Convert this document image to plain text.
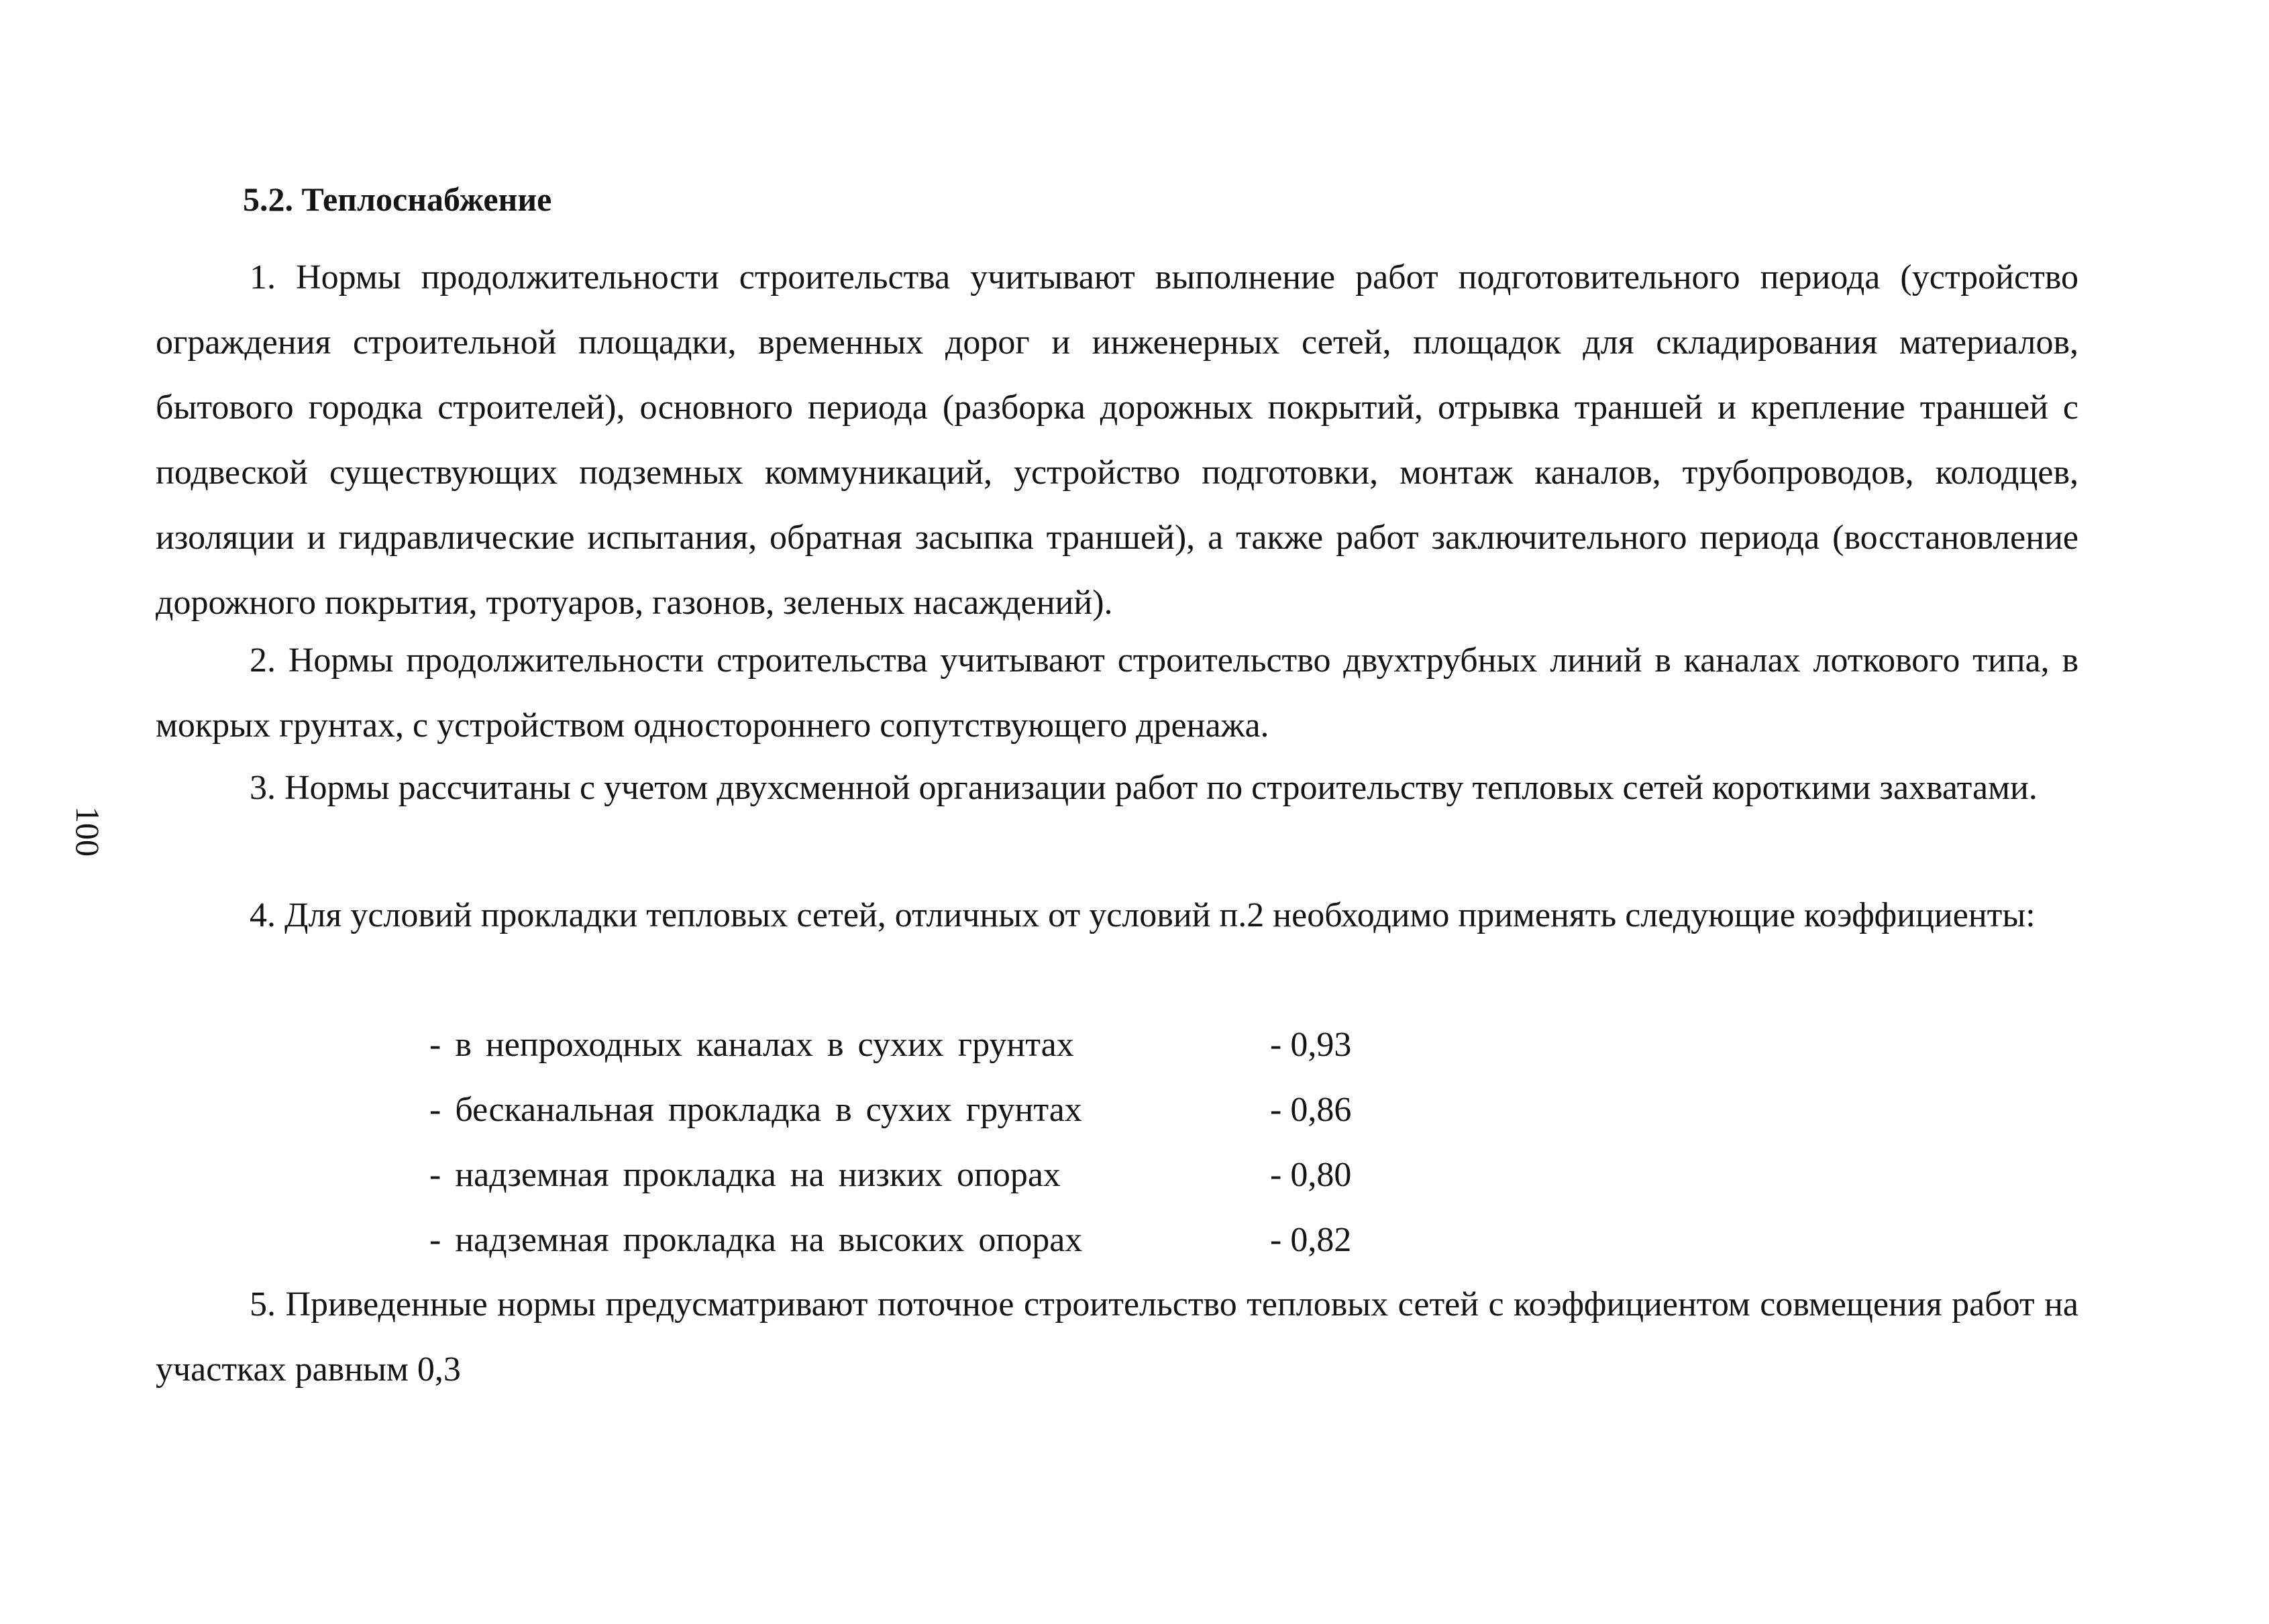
5.2. Теплоснабжение
1. Нормы продолжительности строительства учитывают выполнение работ подготовительного периода (устройство ограждения строительной площадки, временных дорог и инженерных сетей, площадок для складирования материалов, бытового городка строителей), основного периода (разборка дорожных покрытий, отрывка траншей и крепление траншей с подвеской существующих подземных коммуникаций, устройство подготовки, монтаж каналов, трубопроводов, колодцев, изоляции и гидравлические испытания, обратная засыпка траншей), а также работ заключительного периода (восстановление дорожного покрытия, тротуаров, газонов, зеленых насаждений).
2. Нормы продолжительности строительства учитывают строительство двухтрубных линий в каналах лоткового типа, в мокрых грунтах, с устройством одностороннего сопутствующего дренажа.
3. Нормы рассчитаны с учетом двухсменной организации работ по строительству тепловых сетей короткими захватами.
4. Для условий прокладки тепловых сетей, отличных от условий п.2 необходимо применять следующие коэффициенты:
- в непроходных каналах в сухих грунтах	- 0,93
- бесканальная прокладка в сухих грунтах	- 0,86
- надземная прокладка на низких опорах	- 0,80
- надземная прокладка на высоких опорах	- 0,82
5. Приведенные нормы предусматривают поточное строительство тепловых сетей с коэффициентом совмещения работ на участках равным 0,3
100
